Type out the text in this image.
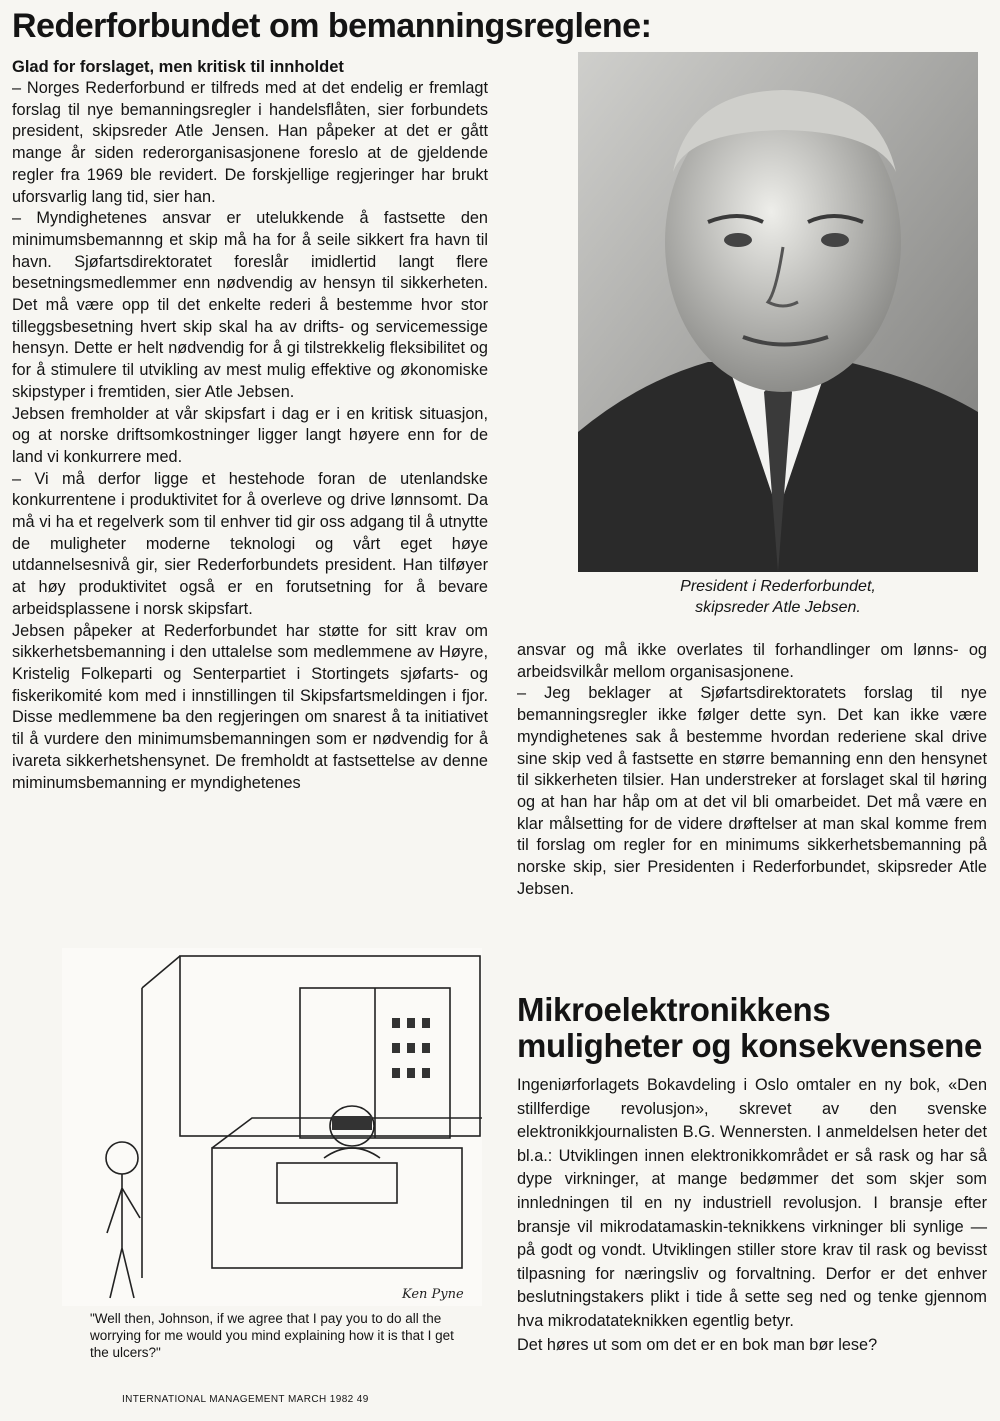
Rederforbundet om bemanningsreglene:
Glad for forslaget, men kritisk til innholdet

– Norges Rederforbund er tilfreds med at det endelig er fremlagt forslag til nye bemanningsregler i handelsflåten, sier forbundets president, skipsreder Atle Jensen. Han påpeker at det er gått mange år siden rederorganisasjonene foreslo at de gjeldende regler fra 1969 ble revidert. De forskjellige regjeringer har brukt uforsvarlig lang tid, sier han.

– Myndighetenes ansvar er utelukkende å fastsette den minimumsbemannng et skip må ha for å seile sikkert fra havn til havn. Sjøfartsdirektoratet foreslår imidlertid langt flere besetningsmedlemmer enn nødvendig av hensyn til sikkerheten. Det må være opp til det enkelte rederi å bestemme hvor stor tilleggsbesetning hvert skip skal ha av drifts- og servicemessige hensyn. Dette er helt nødvendig for å gi tilstrekkelig fleksibilitet og for å stimulere til utvikling av mest mulig effektive og økonomiske skipstyper i fremtiden, sier Atle Jebsen.

Jebsen fremholder at vår skipsfart i dag er i en kritisk situasjon, og at norske driftsomkostninger ligger langt høyere enn for de land vi konkurrere med.

– Vi må derfor ligge et hestehode foran de utenlandske konkurrentene i produktivitet for å overleve og drive lønnsomt. Da må vi ha et regelverk som til enhver tid gir oss adgang til å utnytte de muligheter moderne teknologi og vårt eget høye utdannelsesnivå gir, sier Rederforbundets president. Han tilføyer at høy produktivitet også er en forutsetning for å bevare arbeidsplassene i norsk skipsfart.

Jebsen påpeker at Rederforbundet har støtte for sitt krav om sikkerhetsbemanning i den uttalelse som medlemmene av Høyre, Kristelig Folkeparti og Senterpartiet i Stortingets sjøfarts- og fiskerikomité kom med i innstillingen til Skipsfartsmeldingen i fjor. Disse medlemmene ba den regjeringen om snarest å ta initiativet til å vurdere den minimumsbemanningen som er nødvendig for å ivareta sikkerhetshensynet. De fremholdt at fastsettelse av denne miminumsbemanning er myndighetenes

President i Rederforbundet,
skipsreder Atle Jebsen.

ansvar og må ikke overlates til forhandlinger om lønns- og arbeidsvilkår mellom organisasjonene.

– Jeg beklager at Sjøfartsdirektoratets forslag til nye bemanningsregler ikke følger dette syn. Det kan ikke være myndighetenes sak å bestemme hvordan rederiene skal drive sine skip ved å fastsette en større bemanning enn den hensynet til sikkerheten tilsier. Han understreker at forslaget skal til høring og at han har håp om at det vil bli omarbeidet. Det må være en klar målsetting for de videre drøftelser at man skal komme frem til forslag om regler for en minimums sikkerhetsbemanning på norske skip, sier Presidenten i Rederforbundet, skipsreder Atle Jebsen.

Ken Pyne
"Well then, Johnson, if we agree that I pay you to do all the worrying for me would you mind explaining how it is that I get the ulcers?"
INTERNATIONAL MANAGEMENT MARCH 1982 49
Mikroelektronikkens muligheter og konsekvensene

Ingeniørforlagets Bokavdeling i Oslo omtaler en ny bok, «Den stillferdige revolusjon», skrevet av den svenske elektronikkjournalisten B.G. Wennersten. I anmeldelsen heter det bl.a.: Utviklingen innen elektronikkområdet er så rask og har så dype virkninger, at mange bedømmer det som skjer som innledningen til en ny industriell revolusjon. I bransje efter bransje vil mikrodatamaskin-teknikkens virkninger bli synlige — på godt og vondt. Utviklingen stiller store krav til rask og bevisst tilpasning for næringsliv og forvaltning. Derfor er det enhver beslutningstakers plikt i tide å sette seg ned og tenke gjennom hva mikrodatateknikken egentlig betyr.

Det høres ut som om det er en bok man bør lese?
